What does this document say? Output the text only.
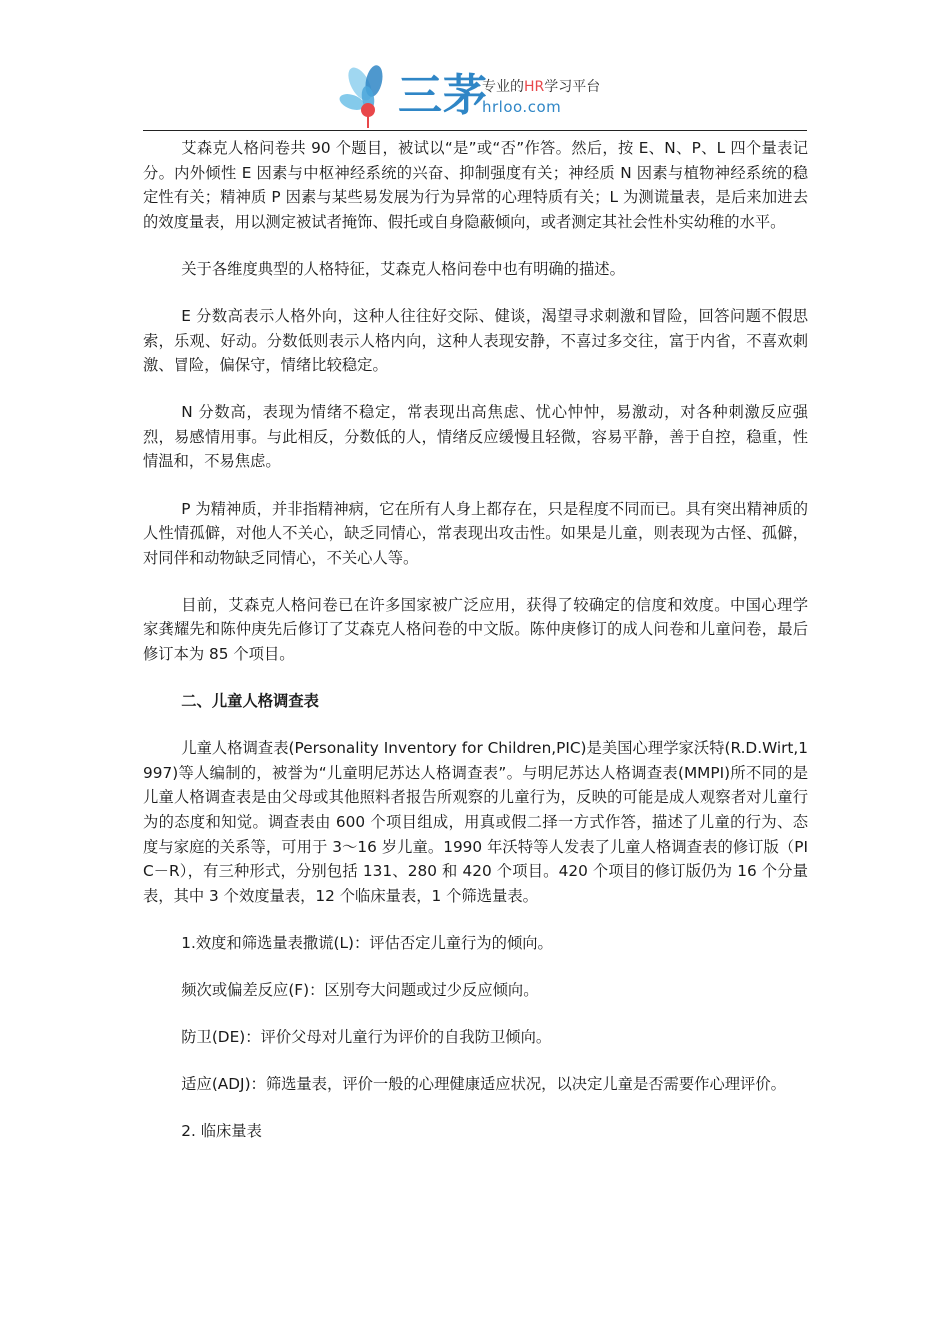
三茅
专业的HR学习平台
hrloo.com

艾森克人格问卷共 90 个题目，被试以“是”或“否”作答。然后，按 E、N、P、L 四个量表记分。内外倾性 E 因素与中枢神经系统的兴奋、抑制强度有关；神经质 N 因素与植物神经系统的稳定性有关；精神质 P 因素与某些易发展为行为异常的心理特质有关；L 为测谎量表，是后来加进去的效度量表，用以测定被试者掩饰、假托或自身隐蔽倾向，或者测定其社会性朴实幼稚的水平。

关于各维度典型的人格特征，艾森克人格问卷中也有明确的描述。

E 分数高表示人格外向，这种人往往好交际、健谈，渴望寻求刺激和冒险，回答问题不假思索，乐观、好动。分数低则表示人格内向，这种人表现安静，不喜过多交往，富于内省，不喜欢刺激、冒险，偏保守，情绪比较稳定。

N 分数高，表现为情绪不稳定，常表现出高焦虑、忧心忡忡，易激动，对各种刺激反应强烈，易感情用事。与此相反，分数低的人，情绪反应缓慢且轻微，容易平静，善于自控，稳重，性情温和，不易焦虑。

P 为精神质，并非指精神病，它在所有人身上都存在，只是程度不同而已。具有突出精神质的人性情孤僻，对他人不关心，缺乏同情心，常表现出攻击性。如果是儿童，则表现为古怪、孤僻，对同伴和动物缺乏同情心，不关心人等。

目前，艾森克人格问卷已在许多国家被广泛应用，获得了较确定的信度和效度。中国心理学家龚耀先和陈仲庚先后修订了艾森克人格问卷的中文版。陈仲庚修订的成人问卷和儿童问卷，最后修订本为 85 个项目。

二、儿童人格调查表

儿童人格调查表(Personality Inventory for Children,PIC)是美国心理学家沃特(R.D.Wirt,1997)等人编制的，被誉为“儿童明尼苏达人格调查表”。与明尼苏达人格调查表(MMPI)所不同的是儿童人格调查表是由父母或其他照料者报告所观察的儿童行为，反映的可能是成人观察者对儿童行为的态度和知觉。调查表由 600 个项目组成，用真或假二择一方式作答，描述了儿童的行为、态度与家庭的关系等，可用于 3～16 岁儿童。1990 年沃特等人发表了儿童人格调查表的修订版（PIC－R），有三种形式，分别包括 131、280 和 420 个项目。420 个项目的修订版仍为 16 个分量表，其中 3 个效度量表，12 个临床量表，1 个筛选量表。

1.效度和筛选量表撒谎(L)：评估否定儿童行为的倾向。

频次或偏差反应(F)：区别夸大问题或过少反应倾向。

防卫(DE)：评价父母对儿童行为评价的自我防卫倾向。

适应(ADJ)：筛选量表，评价一般的心理健康适应状况，以决定儿童是否需要作心理评价。

2. 临床量表
